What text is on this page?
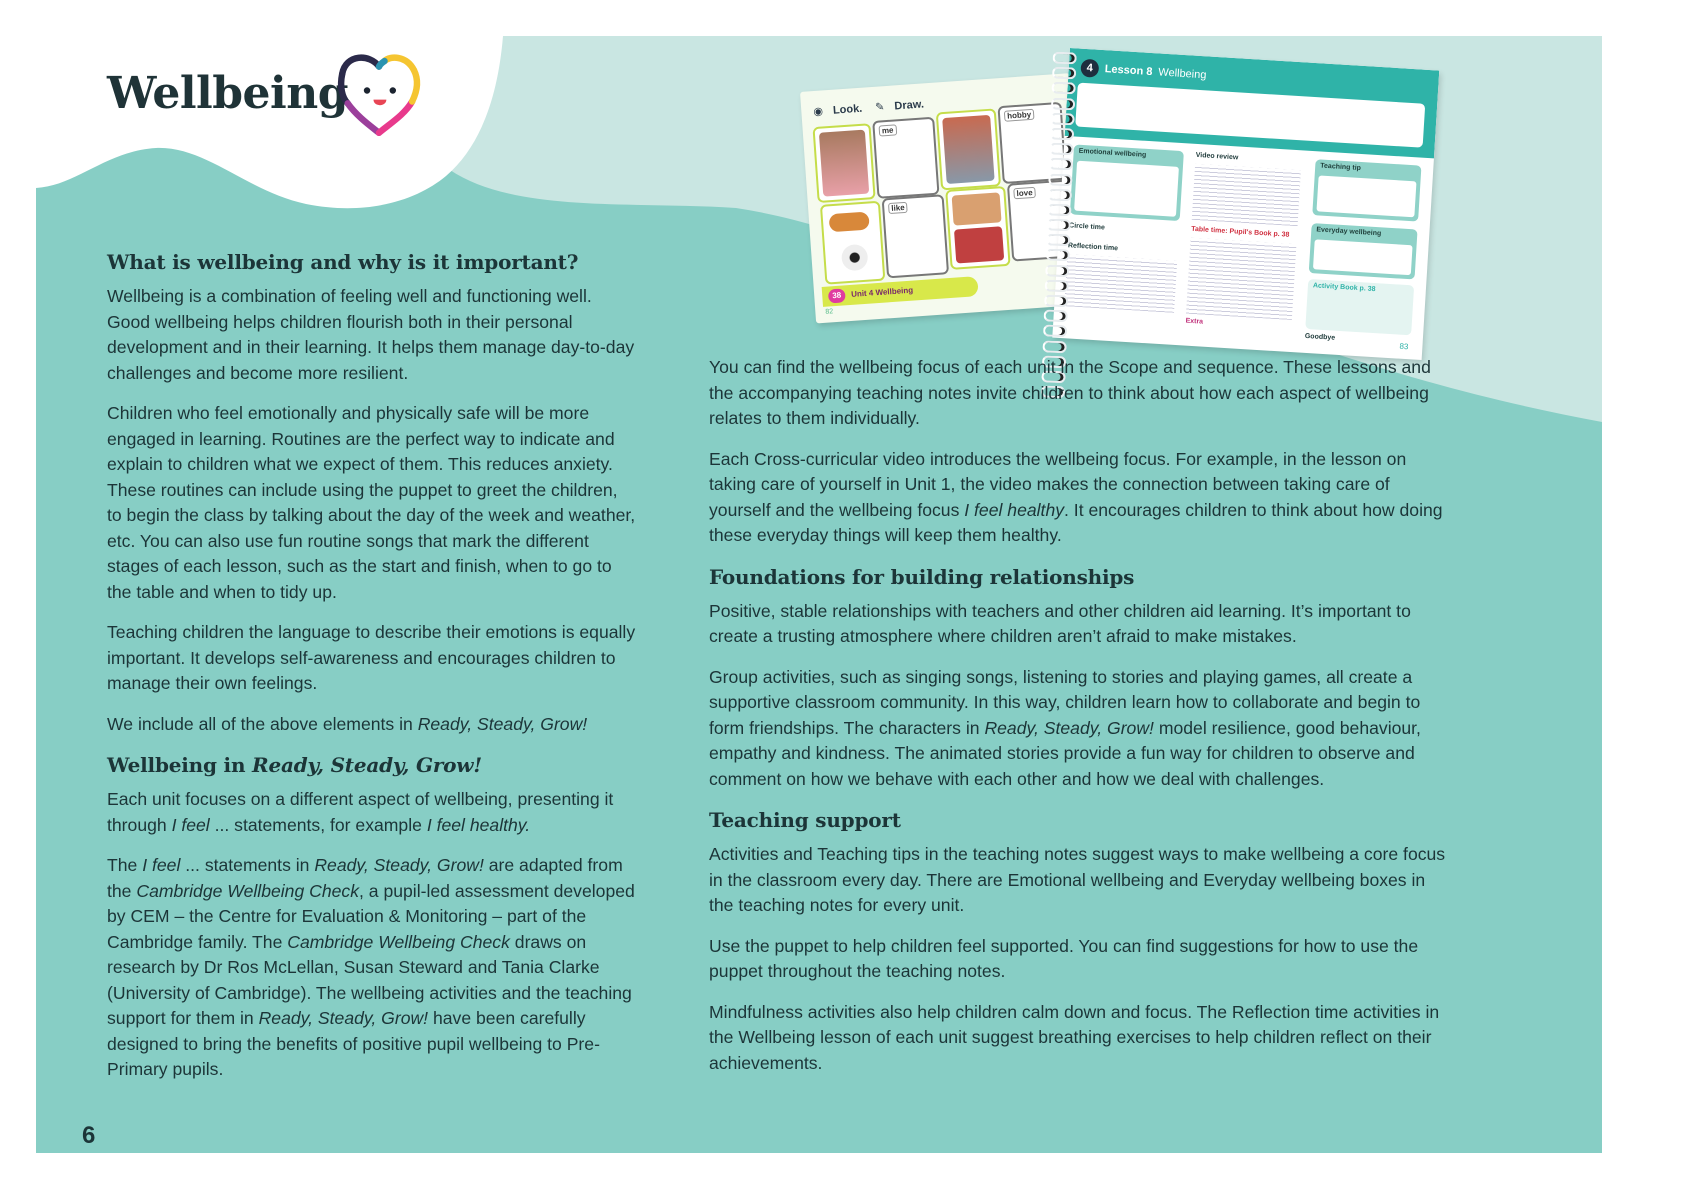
Wellbeing	◉ Look. ✎ Draw.
me
hobby
like
love
38 Unit 4 Wellbeing
82
4 Lesson 8 Wellbeing
Emotional wellbeing	Video review
Teaching tip
Circle time
Reflection time
Table time: Pupil's Book p. 38	Everyday wellbeing
Activity Book p. 38
Extra
Goodbye
83
What is wellbeing and why is it important?

Wellbeing is a combination of feeling well and functioning well. Good wellbeing helps children flourish both in their personal development and in their learning. It helps them manage day-to-day challenges and become more resilient.

Children who feel emotionally and physically safe will be more engaged in learning. Routines are the perfect way to indicate and explain to children what we expect of them. This reduces anxiety. These routines can include using the puppet to greet the children, to begin the class by talking about the day of the week and weather, etc. You can also use fun routine songs that mark the different stages of each lesson, such as the start and finish, when to go to the table and when to tidy up.

Teaching children the language to describe their emotions is equally important. It develops self-awareness and encourages children to manage their own feelings.

We include all of the above elements in Ready, Steady, Grow!

Wellbeing in Ready, Steady, Grow!

Each unit focuses on a different aspect of wellbeing, presenting it through I feel ... statements, for example I feel healthy.

The I feel ... statements in Ready, Steady, Grow! are adapted from the Cambridge Wellbeing Check, a pupil-led assessment developed by CEM – the Centre for Evaluation & Monitoring – part of the Cambridge family. The Cambridge Wellbeing Check draws on research by Dr Ros McLellan, Susan Steward and Tania Clarke (University of Cambridge). The wellbeing activities and the teaching support for them in Ready, Steady, Grow! have been carefully designed to bring the benefits of positive pupil wellbeing to Pre-Primary pupils.

You can find the wellbeing focus of each unit in the Scope and sequence. These lessons and the accompanying teaching notes invite children to think about how each aspect of wellbeing relates to them individually.

Each Cross-curricular video introduces the wellbeing focus. For example, in the lesson on taking care of yourself in Unit 1, the video makes the connection between taking care of yourself and the wellbeing focus I feel healthy. It encourages children to think about how doing these everyday things will keep them healthy.

Foundations for building relationships

Positive, stable relationships with teachers and other children aid learning. It’s important to create a trusting atmosphere where children aren’t afraid to make mistakes.

Group activities, such as singing songs, listening to stories and playing games, all create a supportive classroom community. In this way, children learn how to collaborate and begin to form friendships. The characters in Ready, Steady, Grow! model resilience, good behaviour, empathy and kindness. The animated stories provide a fun way for children to observe and comment on how we behave with each other and how we deal with challenges.

Teaching support

Activities and Teaching tips in the teaching notes suggest ways to make wellbeing a core focus in the classroom every day. There are Emotional wellbeing and Everyday wellbeing boxes in the teaching notes for every unit.

Use the puppet to help children feel supported. You can find suggestions for how to use the puppet throughout the teaching notes.

Mindfulness activities also help children calm down and focus. The Reflection time activities in the Wellbeing lesson of each unit suggest breathing exercises to help children reflect on their achievements.

6
